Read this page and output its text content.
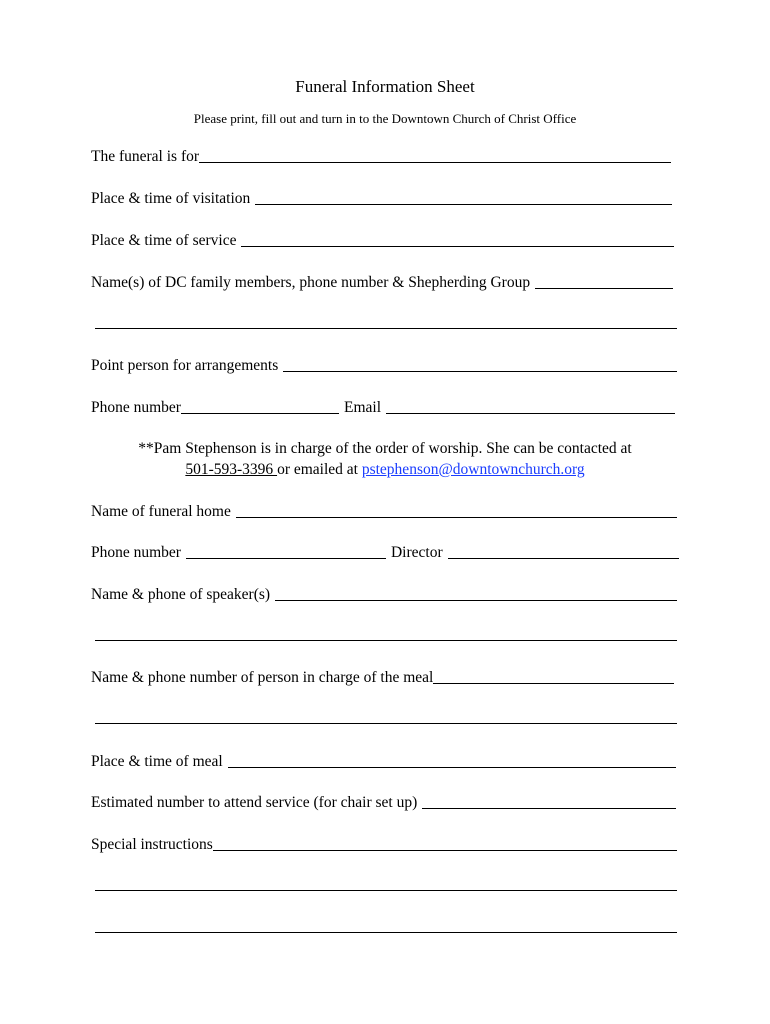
Funeral Information Sheet
Please print, fill out and turn in to the Downtown Church of Christ Office
The funeral is for
Place & time of visitation
Place & time of service
Name(s) of DC family members, phone number & Shepherding Group
Point person for arrangements
Phone number	Email
**Pam Stephenson is in charge of the order of worship. She can be contacted at
501-593-3396 or emailed at pstephenson@downtownchurch.org
Name of funeral home
Phone number	Director
Name & phone of speaker(s)
Name & phone number of person in charge of the meal
Place & time of meal
Estimated number to attend service (for chair set up)
Special instructions
